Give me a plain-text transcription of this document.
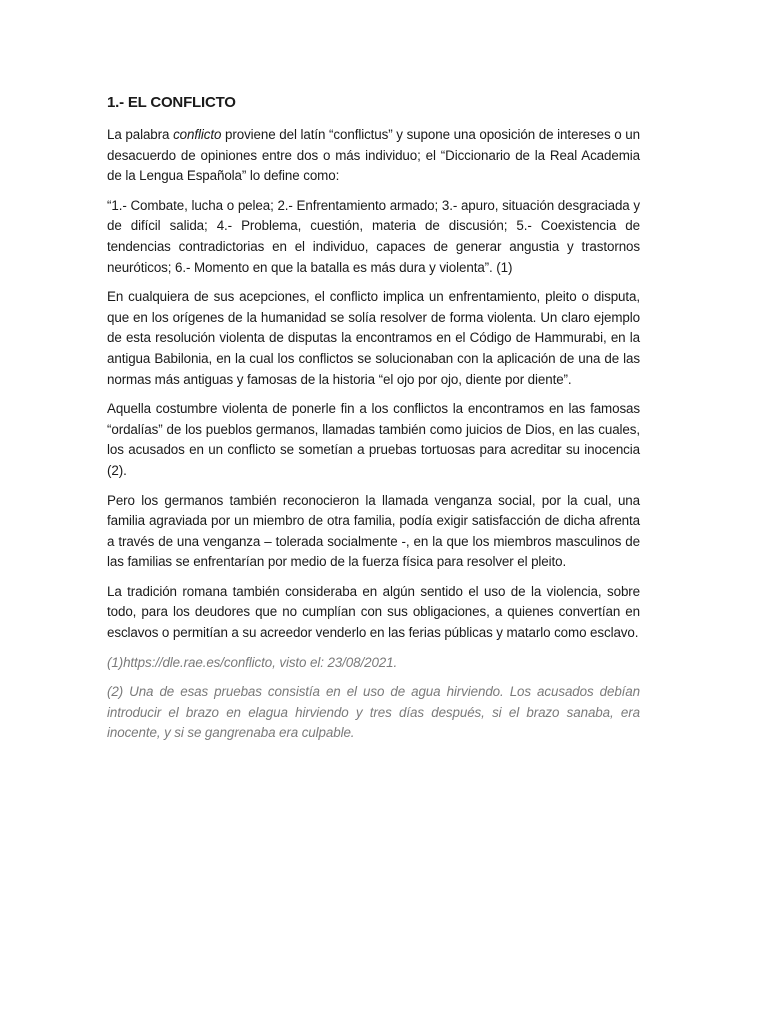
1.- EL CONFLICTO

La palabra conflicto proviene del latín “conflictus” y supone una oposición de intereses o un desacuerdo de opiniones entre dos o más individuo; el “Diccionario de la Real Academia de la Lengua Española” lo define como:

“1.- Combate, lucha o pelea; 2.- Enfrentamiento armado; 3.- apuro, situación desgraciada y de difícil salida; 4.- Problema, cuestión, materia de discusión; 5.- Coexistencia de tendencias contradictorias en el individuo, capaces de generar angustia y trastornos neuróticos; 6.- Momento en que la batalla es más dura y violenta”. (1)

En cualquiera de sus acepciones, el conflicto implica un enfrentamiento, pleito o disputa, que en los orígenes de la humanidad se solía resolver de forma violenta. Un claro ejemplo de esta resolución violenta de disputas la encontramos en el Código de Hammurabi, en la antigua Babilonia, en la cual los conflictos se solucionaban con la aplicación de una de las normas más antiguas y famosas de la historia “el ojo por ojo, diente por diente”.

Aquella costumbre violenta de ponerle fin a los conflictos la encontramos en las famosas “ordalías” de los pueblos germanos, llamadas también como juicios de Dios, en las cuales, los acusados en un conflicto se sometían a pruebas tortuosas para acreditar su inocencia (2).

Pero los germanos también reconocieron la llamada venganza social, por la cual, una familia agraviada por un miembro de otra familia, podía exigir satisfacción de dicha afrenta a través de una venganza – tolerada socialmente -, en la que los miembros masculinos de las familias se enfrentarían por medio de la fuerza física para resolver el pleito.

La tradición romana también consideraba en algún sentido el uso de la violencia, sobre todo, para los deudores que no cumplían con sus obligaciones, a quienes convertían en esclavos o permitían a su acreedor venderlo en las ferias públicas y matarlo como esclavo.

(1)https://dle.rae.es/conflicto, visto el: 23/08/2021.

(2) Una de esas pruebas consistía en el uso de agua hirviendo. Los acusados debían introducir el brazo en elagua hirviendo y tres días después, si el brazo sanaba, era inocente, y si se gangrenaba era culpable.
